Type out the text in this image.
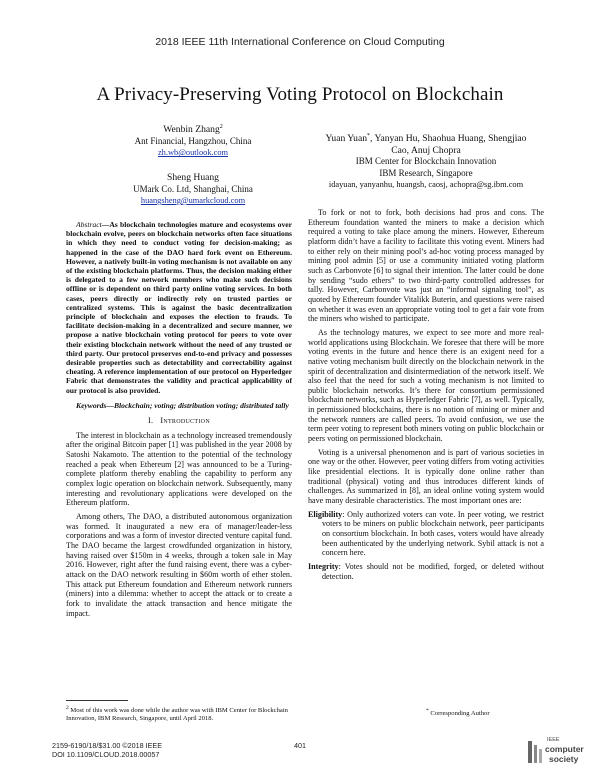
2018 IEEE 11th International Conference on Cloud Computing
A Privacy-Preserving Voting Protocol on Blockchain
Wenbin Zhang$^2$
Ant Financial, Hangzhou, China
zh.wb@outlook.com
Sheng Huang
UMark Co. Ltd, Shanghai, China
huangsheng@umarkcloud.com
Yuan Yuan*, Yanyan Hu, Shaohua Huang, Shengjiao
Cao, Anuj Chopra
IBM Center for Blockchain Innovation
IBM Research, Singapore
idayuan, yanyanhu, huangsh, caosj, achopra@sg.ibm.com

Abstract—As blockchain technologies mature and ecosystems over blockchain evolve, peers on blockchain networks often face situations in which they need to conduct voting for decision-making; as happened in the case of the DAO hard fork event on Ethereum. However, a natively built-in voting mechanism is not available on any of the existing blockchain platforms. Thus, the decision making either is delegated to a few network members who make such decisions offline or is dependent on third party online voting services. In both cases, peers directly or indirectly rely on trusted parties or centralized systems. This is against the basic decentralization principle of blockchain and exposes the election to frauds. To facilitate decision-making in a decentralized and secure manner, we propose a native blockchain voting protocol for peers to vote over their existing blockchain network without the need of any trusted or third party. Our protocol preserves end-to-end privacy and possesses desirable properties such as detectability and correctability against cheating. A reference implementation of our protocol on Hyperledger Fabric that demonstrates the validity and practical applicability of our protocol is also provided.

Keywords—Blockchain; voting; distribution voting; distributed tally

I. Introduction

The interest in blockchain as a technology increased tremendously after the original Bitcoin paper [1] was published in the year 2008 by Satoshi Nakamoto. The attention to the potential of the technology reached a peak when Ethereum [2] was announced to be a Turing-complete platform thereby enabling the capability to perform any complex logic operation on blockchain network. Subsequently, many interesting and revolutionary applications were developed on the Ethereum platform.

Among others, The DAO, a distributed autonomous organization was formed. It inaugurated a new era of manager/leader-less corporations and was a form of investor directed venture capital fund. The DAO became the largest crowdfunded organization in history, having raised over $150m in 4 weeks, through a token sale in May 2016. However, right after the fund raising event, there was a cyber-attack on the DAO network resulting in $60m worth of ether stolen. This attack put Ethereum foundation and Ethereum network runners (miners) into a dilemma: whether to accept the attack or to create a fork to invalidate the attack transaction and hence mitigate the impact.

To fork or not to fork, both decisions had pros and cons. The Ethereum foundation wanted the miners to make a decision which required a voting to take place among the miners. However, Ethereum platform didn’t have a facility to facilitate this voting event. Miners had to either rely on their mining pool’s ad-hoc voting process managed by mining pool admin [5] or use a community initiated voting platform such as Carbonvote [6] to signal their intention. The latter could be done by sending “sudo ethers” to two third-party controlled addresses for tally. However, Carbonvote was just an “informal signaling tool”, as quoted by Ethereum founder Vitalikk Buterin, and questions were raised on whether it was even an appropriate voting tool to get a fair vote from the miners who wished to participate.

As the technology matures, we expect to see more and more real-world applications using Blockchain. We foresee that there will be more voting events in the future and hence there is an exigent need for a native voting mechanism built directly on the blockchain network in the spirit of decentralization and disintermediation of the network itself. We also feel that the need for such a voting mechanism is not limited to public blockchain networks. It’s there for consortium permissioned blockchain networks, such as Hyperledger Fabric [7], as well. Typically, in permissioned blockchains, there is no notion of mining or miner and the network runners are called peers. To avoid confusion, we use the term peer voting to represent both miners voting on public blockchain or peers voting on permissioned blockchain.

Voting is a universal phenomenon and is part of various societies in one way or the other. However, peer voting differs from voting activities like presidential elections. It is typically done online rather than traditional (physical) voting and thus introduces different kinds of challenges. As summarized in [8], an ideal online voting system would have many desirable characteristics. The most important ones are:

Eligibility: Only authorized voters can vote. In peer voting, we restrict voters to be miners on public blockchain network, peer participants on consortium blockchain. In both cases, voters would have already been authenticated by the underlying network. Sybil attack is not a concern here.

Integrity: Votes should not be modified, forged, or deleted without detection.

$^2$ Most of this work was done while the author was with IBM Center for Blockchain Innovation, IBM Research, Singapore, until April 2018.
* Corresponding Author
2159-6190/18/$31.00 ©2018 IEEE
DOI 10.1109/CLOUD.2018.00057
401
IEEE
computer
society
